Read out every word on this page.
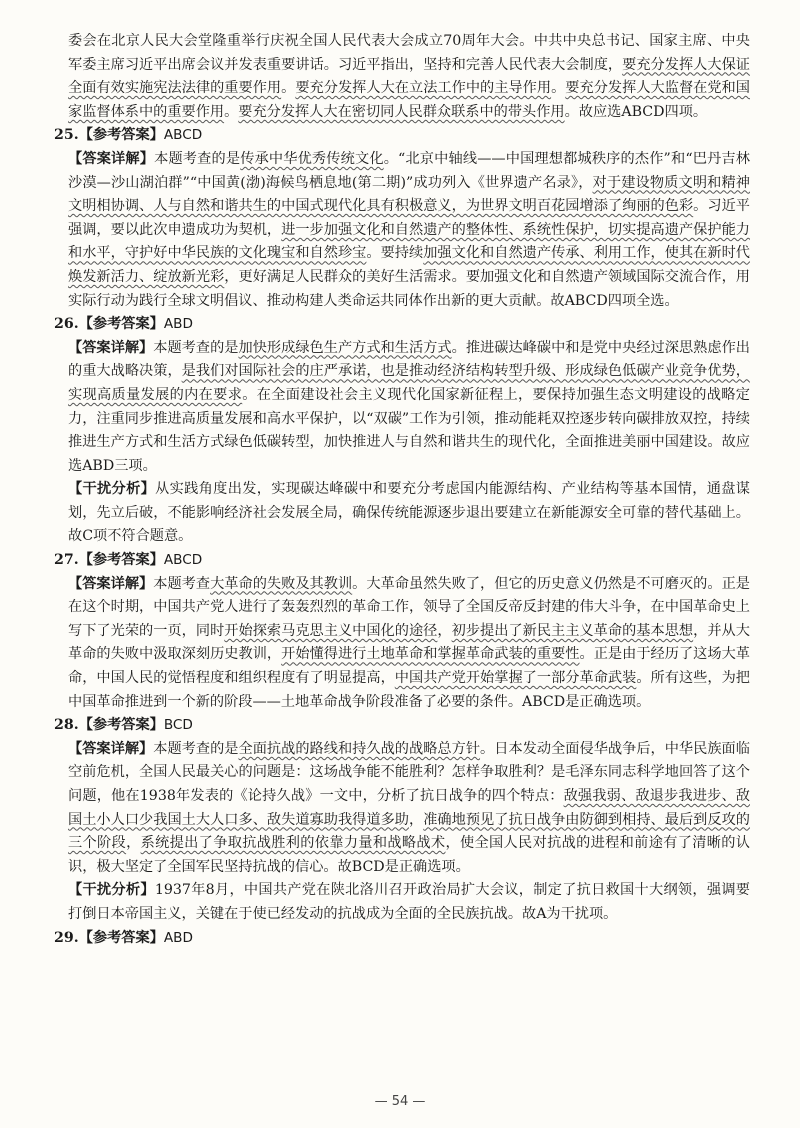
委会在北京人民大会堂隆重举行庆祝全国人民代表大会成立70周年大会。中共中央总书记、国家主席、中央军委主席习近平出席会议并发表重要讲话。习近平指出，坚持和完善人民代表大会制度，要充分发挥人大保证全面有效实施宪法法律的重要作用。要充分发挥人大在立法工作中的主导作用。要充分发挥人大监督在党和国家监督体系中的重要作用。要充分发挥人大在密切同人民群众联系中的带头作用。故应选ABCD四项。

25.【参考答案】ABCD

【答案详解】本题考查的是传承中华优秀传统文化。“北京中轴线——中国理想都城秩序的杰作”和“巴丹吉林沙漠—沙山湖泊群”“中国黄(渤)海候鸟栖息地(第二期)”成功列入《世界遗产名录》，对于建设物质文明和精神文明相协调、人与自然和谐共生的中国式现代化具有积极意义，为世界文明百花园增添了绚丽的色彩。习近平强调，要以此次申遗成功为契机，进一步加强文化和自然遗产的整体性、系统性保护，切实提高遗产保护能力和水平，守护好中华民族的文化瑰宝和自然珍宝。要持续加强文化和自然遗产传承、利用工作，使其在新时代焕发新活力、绽放新光彩，更好满足人民群众的美好生活需求。要加强文化和自然遗产领域国际交流合作，用实际行动为践行全球文明倡议、推动构建人类命运共同体作出新的更大贡献。故ABCD四项全选。

26.【参考答案】ABD

【答案详解】本题考查的是加快形成绿色生产方式和生活方式。推进碳达峰碳中和是党中央经过深思熟虑作出的重大战略决策，是我们对国际社会的庄严承诺，也是推动经济结构转型升级、形成绿色低碳产业竞争优势，实现高质量发展的内在要求。在全面建设社会主义现代化国家新征程上，要保持加强生态文明建设的战略定力，注重同步推进高质量发展和高水平保护，以“双碳”工作为引领，推动能耗双控逐步转向碳排放双控，持续推进生产方式和生活方式绿色低碳转型，加快推进人与自然和谐共生的现代化，全面推进美丽中国建设。故应选ABD三项。

【干扰分析】从实践角度出发，实现碳达峰碳中和要充分考虑国内能源结构、产业结构等基本国情，通盘谋划，先立后破，不能影响经济社会发展全局，确保传统能源逐步退出要建立在新能源安全可靠的替代基础上。故C项不符合题意。

27.【参考答案】ABCD

【答案详解】本题考查大革命的失败及其教训。大革命虽然失败了，但它的历史意义仍然是不可磨灭的。正是在这个时期，中国共产党人进行了轰轰烈烈的革命工作，领导了全国反帝反封建的伟大斗争，在中国革命史上写下了光荣的一页，同时开始探索马克思主义中国化的途径，初步提出了新民主主义革命的基本思想，并从大革命的失败中汲取深刻历史教训，开始懂得进行土地革命和掌握革命武装的重要性。正是由于经历了这场大革命，中国人民的觉悟程度和组织程度有了明显提高，中国共产党开始掌握了一部分革命武装。所有这些，为把中国革命推进到一个新的阶段——土地革命战争阶段准备了必要的条件。ABCD是正确选项。

28.【参考答案】BCD

【答案详解】本题考查的是全面抗战的路线和持久战的战略总方针。日本发动全面侵华战争后，中华民族面临空前危机，全国人民最关心的问题是：这场战争能不能胜利？怎样争取胜利？是毛泽东同志科学地回答了这个问题，他在1938年发表的《论持久战》一文中，分析了抗日战争的四个特点：敌强我弱、敌退步我进步、敌国土小人口少我国土大人口多、敌失道寡助我得道多助，准确地预见了抗日战争由防御到相持、最后到反攻的三个阶段，系统提出了争取抗战胜利的依靠力量和战略战术，使全国人民对抗战的进程和前途有了清晰的认识，极大坚定了全国军民坚持抗战的信心。故BCD是正确选项。

【干扰分析】1937年8月，中国共产党在陕北洛川召开政治局扩大会议，制定了抗日救国十大纲领，强调要打倒日本帝国主义，关键在于使已经发动的抗战成为全面的全民族抗战。故A为干扰项。

29.【参考答案】ABD

— 54 —
